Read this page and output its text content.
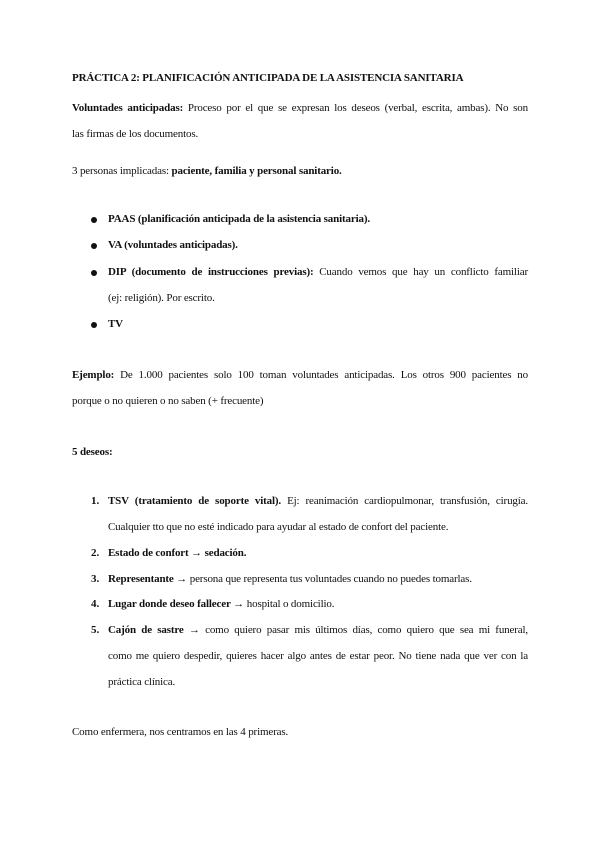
PRÁCTICA 2: PLANIFICACIÓN ANTICIPADA DE LA ASISTENCIA SANITARIA
Voluntades anticipadas: Proceso por el que se expresan los deseos (verbal, escrita, ambas). No son
las firmas de los documentos.
3 personas implicadas: paciente, familia y personal sanitario.
PAAS (planificación anticipada de la asistencia sanitaria).
VA (voluntades anticipadas).
DIP (documento de instrucciones previas): Cuando vemos que hay un conflicto familiar
(ej: religión). Por escrito.
TV
Ejemplo: De 1.000 pacientes solo 100 toman voluntades anticipadas. Los otros 900 pacientes no
porque o no quieren o no saben (+ frecuente)
5 deseos:
1. TSV (tratamiento de soporte vital). Ej: reanimación cardiopulmonar, transfusión, cirugía.
Cualquier tto que no esté indicado para ayudar al estado de confort del paciente.
2. Estado de confort → sedación.
3. Representante → persona que representa tus voluntades cuando no puedes tomarlas.
4. Lugar donde deseo fallecer → hospital o domicilio.
5. Cajón de sastre → como quiero pasar mis últimos días, como quiero que sea mi funeral,
como me quiero despedir, quieres hacer algo antes de estar peor. No tiene nada que ver con la
práctica clínica.
Como enfermera, nos centramos en las 4 primeras.
